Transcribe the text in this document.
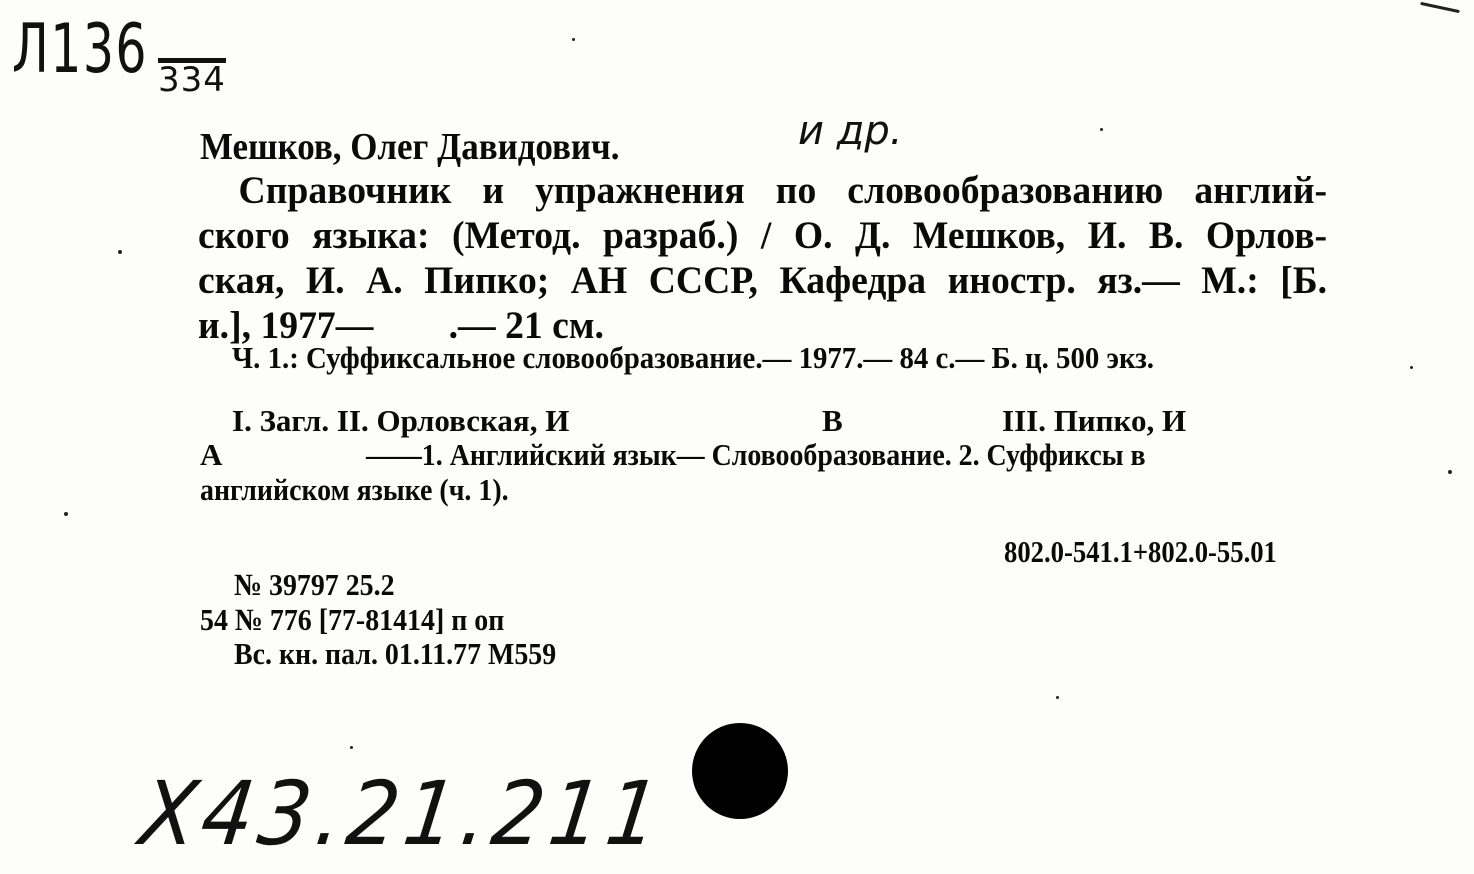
Л136 334
и др.
Мешков, Олег Давидович.
Справочник и упражнения по словообразованию англий-
ского языка: (Метод. разраб.) / О. Д. Мешков, И. В. Орлов-
ская, И. А. Пипко; АН СССР, Кафедра иностр. яз.— М.: [Б.
и.], 1977—        .— 21 см.
Ч. 1.: Суффиксальное словообразование.— 1977.— 84 с.— Б. ц. 500 экз.
I. Загл. II. Орловская, И	В	III. Пипко, И
А	——1. Английский язык— Словообразование. 2. Суффиксы в
английском языке (ч. 1).
802.0-541.1+802.0-55.01
№ 39797 25.2
54 № 776 [77-81414] п оп
Вс. кн. пал. 01.11.77 М559
Х43.21.211
